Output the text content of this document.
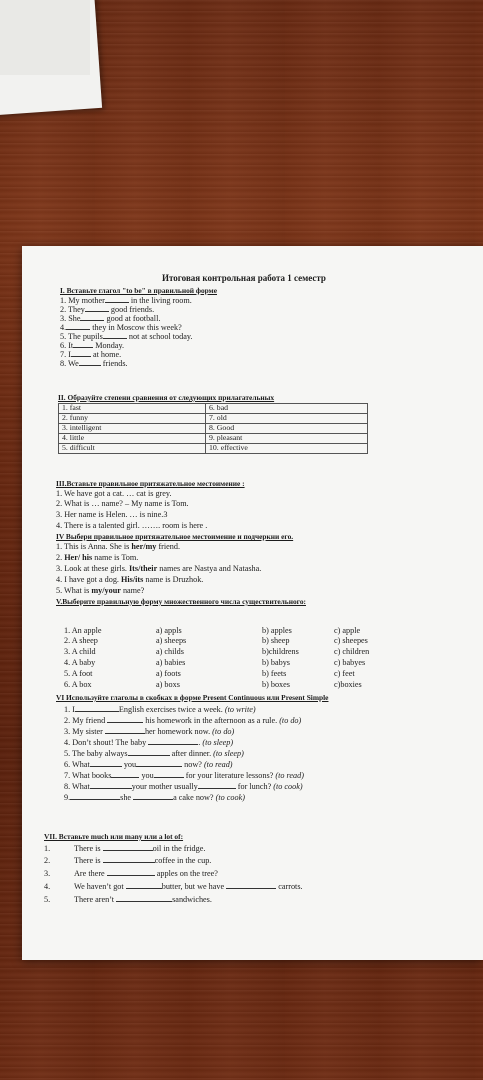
Итоговая контрольная работа 1 семестр
I. Вставьте глагол "to be" в правильной форме
1. My mother	in the living room.
2. They	good friends.
3. She	good at football.
4.	they in Moscow this week?
5. The pupils	not at school today.
6. It	Monday.
7. I	at home.
8. We	friends.
II. Образуйте степени сравнения от следующих прилагательных
1. fast	6. bad
2. funny	7. old
3. intelligent	8. Good
4. little	9. pleasant
5. difficult	10. effective
III.Вставьте правильное притяжательное местоимение :
1. We have got a cat. … cat is grey.
2. What is … name? – My name is Tom.
3. Her name is Helen. … is nine.3
4. There is a talented girl. ……. room is here .
IV Выбери правильное притяжательное местоимение и подчеркни его.
1. This is Anna. She is her/my friend.
2. Her/ his name is Tom.
3. Look at these girls. Its/their names are Nastya and Natasha.
4. I have got a dog. His/its name is Druzhok.
5. What is my/your name?
V.Выберите правильную форму множественного числа существительного:
1. An apple	a) appls	b) apples	c) apple
2. A sheep	a) sheeps	b) sheep	c) sheepes
3. A child	a) childs	b)childrens	c) children
4. A baby	a) babies	b) babys	c) babyes
5. A foot	a) foots	b) feets	c) feet
6. A box	a) boxs	b) boxes	c)boxies
VI Используйте глаголы в скобках в форме Present Continuous или Present Simple
1. I	English exercises twice a week. (to write)
2. My friend	his homework in the afternoon as a rule. (to do)
3. My sister	her homework now. (to do)
4. Don’t shout! The baby	. (to sleep)
5. The baby always	after dinner. (to sleep)
6. What	you	now? (to read)
7. What books	you	for your literature lessons? (to read)
8. What	your mother usually	for lunch? (to cook)
9.	she	a cake now? (to cook)
VII. Вставьте much или many или a lot of:
1.	There is	oil in the fridge.
2.	There is	coffee in the cup.
3.	Are there	apples on the tree?
4.	We haven’t got	butter, but we have	carrots.
5.	There aren’t	sandwiches.
